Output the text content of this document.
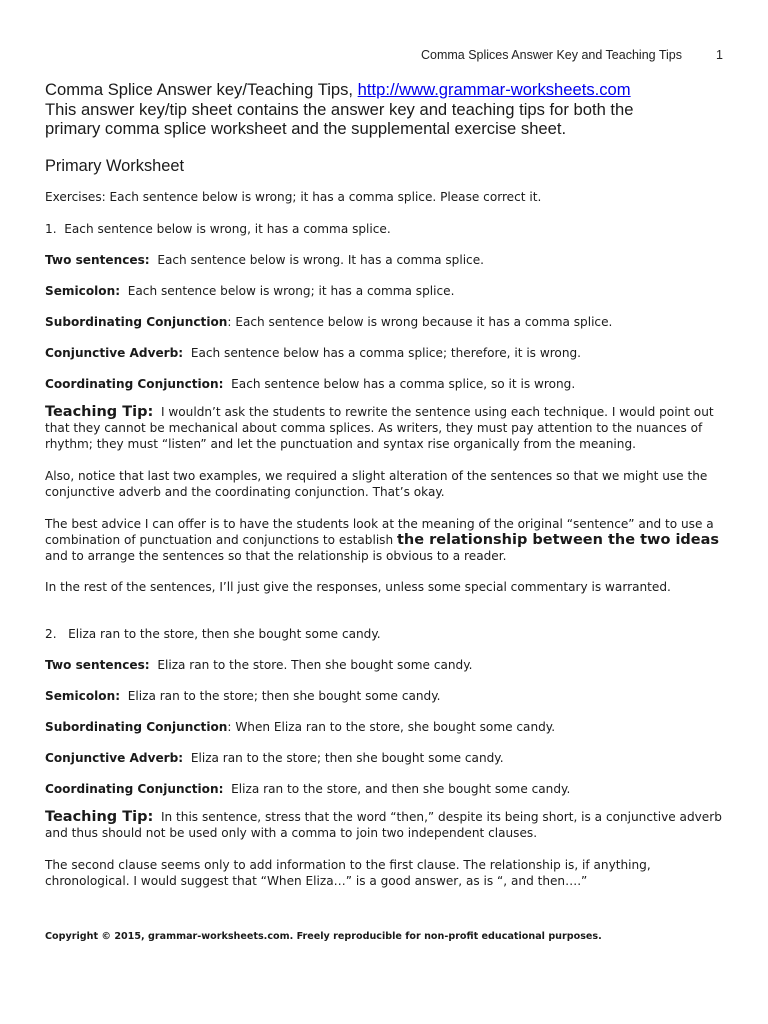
Comma Splices Answer Key and Teaching Tips	1
Comma Splice Answer key/Teaching Tips, http://www.grammar-worksheets.com
This answer key/tip sheet contains the answer key and teaching tips for both the
primary comma splice worksheet and the supplemental exercise sheet.
Primary Worksheet

Exercises: Each sentence below is wrong; it has a comma splice. Please correct it.

1. Each sentence below is wrong, it has a comma splice.

Two sentences: Each sentence below is wrong. It has a comma splice.

Semicolon: Each sentence below is wrong; it has a comma splice.

Subordinating Conjunction: Each sentence below is wrong because it has a comma splice.

Conjunctive Adverb: Each sentence below has a comma splice; therefore, it is wrong.

Coordinating Conjunction: Each sentence below has a comma splice, so it is wrong.

Teaching Tip: I wouldn’t ask the students to rewrite the sentence using each technique. I would point out that they cannot be mechanical about comma splices. As writers, they must pay attention to the nuances of rhythm; they must “listen” and let the punctuation and syntax rise organically from the meaning.

Also, notice that last two examples, we required a slight alteration of the sentences so that we might use the conjunctive adverb and the coordinating conjunction. That’s okay.

The best advice I can offer is to have the students look at the meaning of the original “sentence” and to use a combination of punctuation and conjunctions to establish the relationship between the two ideas and to arrange the sentences so that the relationship is obvious to a reader.

In the rest of the sentences, I’ll just give the responses, unless some special commentary is warranted.

2. Eliza ran to the store, then she bought some candy.

Two sentences: Eliza ran to the store. Then she bought some candy.

Semicolon: Eliza ran to the store; then she bought some candy.

Subordinating Conjunction: When Eliza ran to the store, she bought some candy.

Conjunctive Adverb: Eliza ran to the store; then she bought some candy.

Coordinating Conjunction: Eliza ran to the store, and then she bought some candy.

Teaching Tip: In this sentence, stress that the word “then,” despite its being short, is a conjunctive adverb and thus should not be used only with a comma to join two independent clauses.

The second clause seems only to add information to the first clause. The relationship is, if anything, chronological. I would suggest that “When Eliza…” is a good answer, as is “, and then….”

Copyright © 2015, grammar-worksheets.com. Freely reproducible for non-profit educational purposes.
